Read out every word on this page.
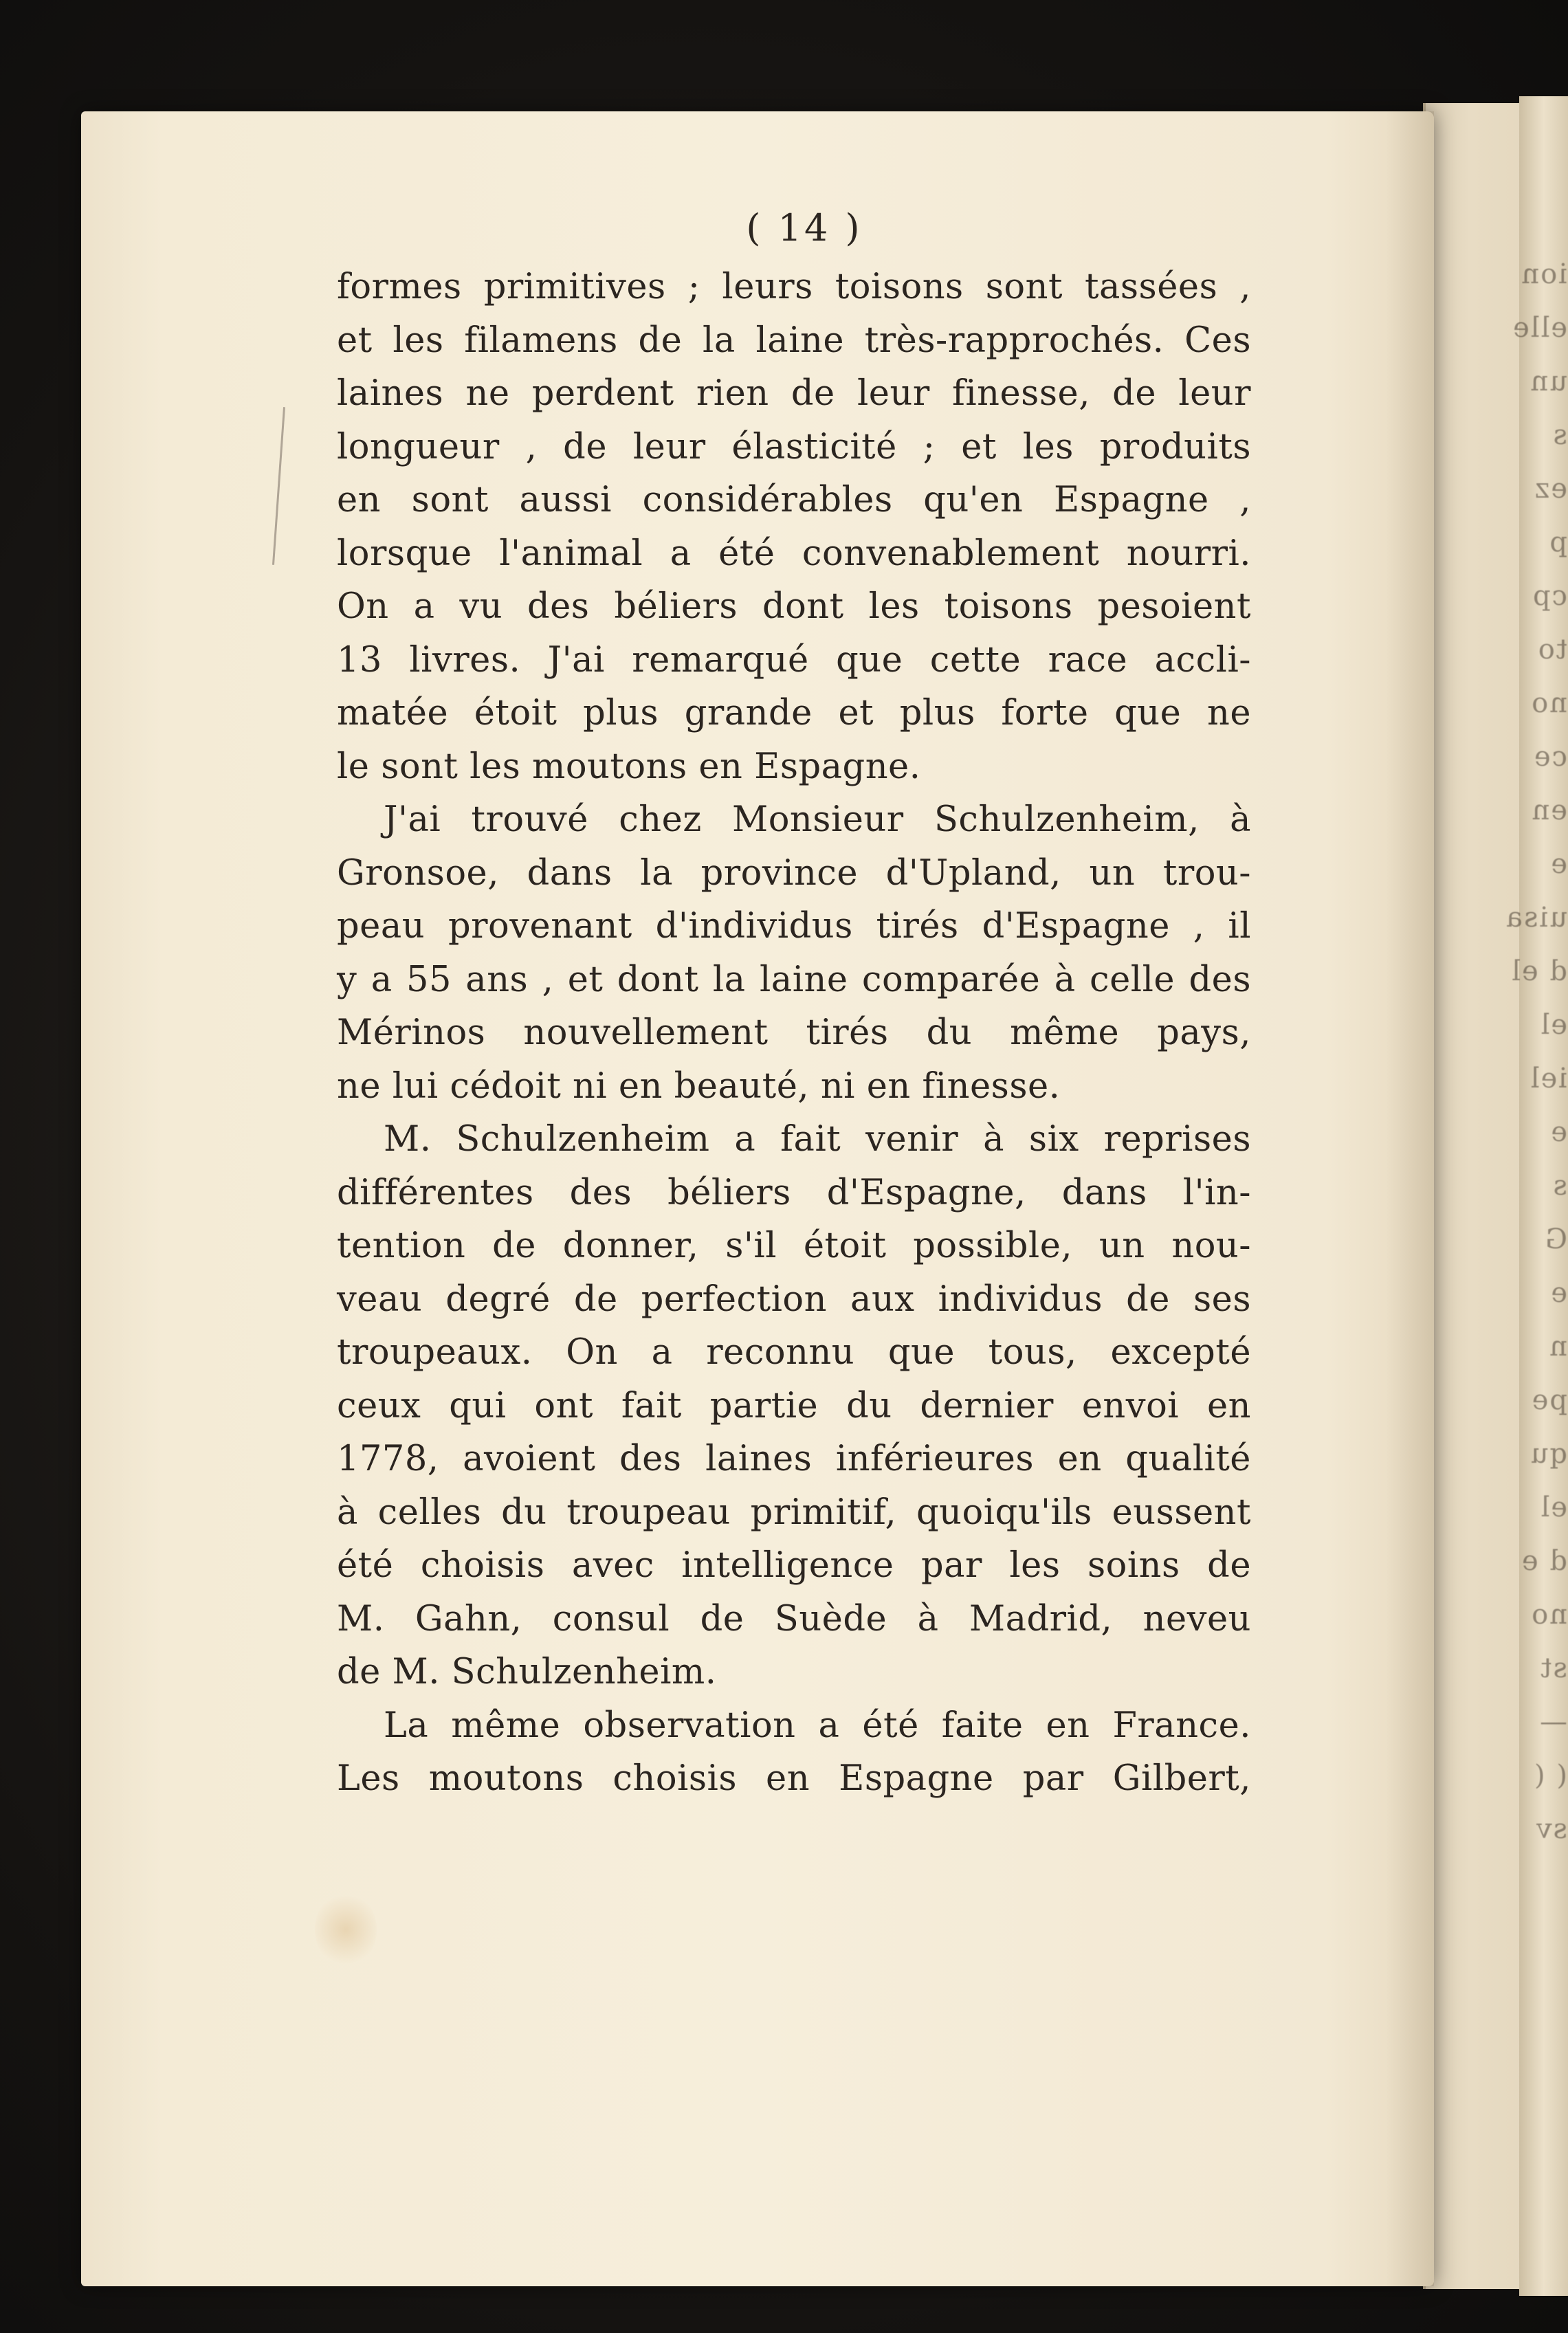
ion
elle
un
s
ez
p
cp
to
no
ce
en
e
uisa
d el
el
iel
e
s
G
e
n
pe
qu
el
d e
no
st
—
( (
sv
( 14 )
formes primitives ; leurs toisons sont tassées ,
et les filamens de la laine très-rapprochés. Ces
laines ne perdent rien de leur finesse, de leur
longueur , de leur élasticité ; et les produits
en sont aussi considérables qu'en Espagne ,
lorsque l'animal a été convenablement nourri.
On a vu des béliers dont les toisons pesoient
13 livres. J'ai remarqué que cette race accli-
matée étoit plus grande et plus forte que ne
le sont les moutons en Espagne.
J'ai trouvé chez Monsieur Schulzenheim, à
Gronsoe, dans la province d'Upland, un trou-
peau provenant d'individus tirés d'Espagne , il
y a 55 ans , et dont la laine comparée à celle des
Mérinos nouvellement tirés du même pays,
ne lui cédoit ni en beauté, ni en finesse.
M. Schulzenheim a fait venir à six reprises
différentes des béliers d'Espagne, dans l'in-
tention de donner, s'il étoit possible, un nou-
veau degré de perfection aux individus de ses
troupeaux. On a reconnu que tous, excepté
ceux qui ont fait partie du dernier envoi en
1778, avoient des laines inférieures en qualité
à celles du troupeau primitif, quoiqu'ils eussent
été choisis avec intelligence par les soins de
M. Gahn, consul de Suède à Madrid, neveu
de M. Schulzenheim.
La même observation a été faite en France.
Les moutons choisis en Espagne par Gilbert,
